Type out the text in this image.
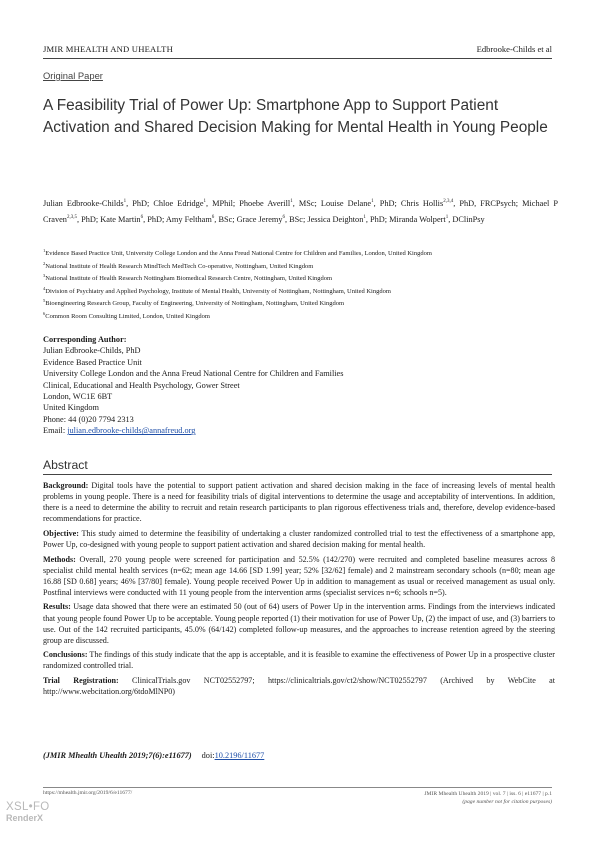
JMIR MHEALTH AND UHEALTH	Edbrooke-Childs et al
Original Paper
A Feasibility Trial of Power Up: Smartphone App to Support Patient Activation and Shared Decision Making for Mental Health in Young People
Julian Edbrooke-Childs$^1$, PhD; Chloe Edridge$^1$, MPhil; Phoebe Averill$^1$, MSc; Louise Delane$^1$, PhD; Chris Hollis$^{2,3,4}$, PhD, FRCPsych; Michael P Craven$^{2,3,5}$, PhD; Kate Martin$^6$, PhD; Amy Feltham$^6$, BSc; Grace Jeremy$^6$, BSc; Jessica Deighton$^1$, PhD; Miranda Wolpert$^1$, DClinPsy
$^1$Evidence Based Practice Unit, University College London and the Anna Freud National Centre for Children and Families, London, United Kingdom
$^2$National Institute of Health Research MindTech MedTech Co-operative, Nottingham, United Kingdom
$^3$National Institute of Health Research Nottingham Biomedical Research Centre, Nottingham, United Kingdom
$^4$Division of Psychiatry and Applied Psychology, Institute of Mental Health, University of Nottingham, Nottingham, United Kingdom
$^5$Bioengineering Research Group, Faculty of Engineering, University of Nottingham, Nottingham, United Kingdom
$^6$Common Room Consulting Limited, London, United Kingdom
Corresponding Author:
Julian Edbrooke-Childs, PhD
Evidence Based Practice Unit
University College London and the Anna Freud National Centre for Children and Families
Clinical, Educational and Health Psychology, Gower Street
London, WC1E 6BT
United Kingdom
Phone: 44 (0)20 7794 2313
Email: julian.edbrooke-childs@annafreud.org
Abstract

Background: Digital tools have the potential to support patient activation and shared decision making in the face of increasing levels of mental health problems in young people. There is a need for feasibility trials of digital interventions to determine the usage and acceptability of interventions. In addition, there is a need to determine the ability to recruit and retain research participants to plan rigorous effectiveness trials and, therefore, develop evidence-based recommendations for practice.

Objective: This study aimed to determine the feasibility of undertaking a cluster randomized controlled trial to test the effectiveness of a smartphone app, Power Up, co-designed with young people to support patient activation and shared decision making for mental health.

Methods: Overall, 270 young people were screened for participation and 52.5% (142/270) were recruited and completed baseline measures across 8 specialist child mental health services (n=62; mean age 14.66 [SD 1.99] year; 52% [32/62] female) and 2 mainstream secondary schools (n=80; mean age 16.88 [SD 0.68] years; 46% [37/80] female). Young people received Power Up in addition to management as usual or received management as usual only. Postfinal interviews were conducted with 11 young people from the intervention arms (specialist services n=6; schools n=5).

Results: Usage data showed that there were an estimated 50 (out of 64) users of Power Up in the intervention arms. Findings from the interviews indicated that young people found Power Up to be acceptable. Young people reported (1) their motivation for use of Power Up, (2) the impact of use, and (3) barriers to use. Out of the 142 recruited participants, 45.0% (64/142) completed follow-up measures, and the approaches to increase retention agreed by the steering group are discussed.

Conclusions: The findings of this study indicate that the app is acceptable, and it is feasible to examine the effectiveness of Power Up in a prospective cluster randomized controlled trial.

Trial Registration: ClinicalTrials.gov NCT02552797; https://clinicaltrials.gov/ct2/show/NCT02552797 (Archived by WebCite at http://www.webcitation.org/6tdoMlNP0)

(JMIR Mhealth Uhealth 2019;7(6):e11677) doi:10.2196/11677
https://mhealth.jmir.org/2019/6/e11677/	JMIR Mhealth Uhealth 2019 | vol. 7 | iss. 6 | e11677 | p.1
(page number not for citation purposes)
XSL•FO
RenderX
